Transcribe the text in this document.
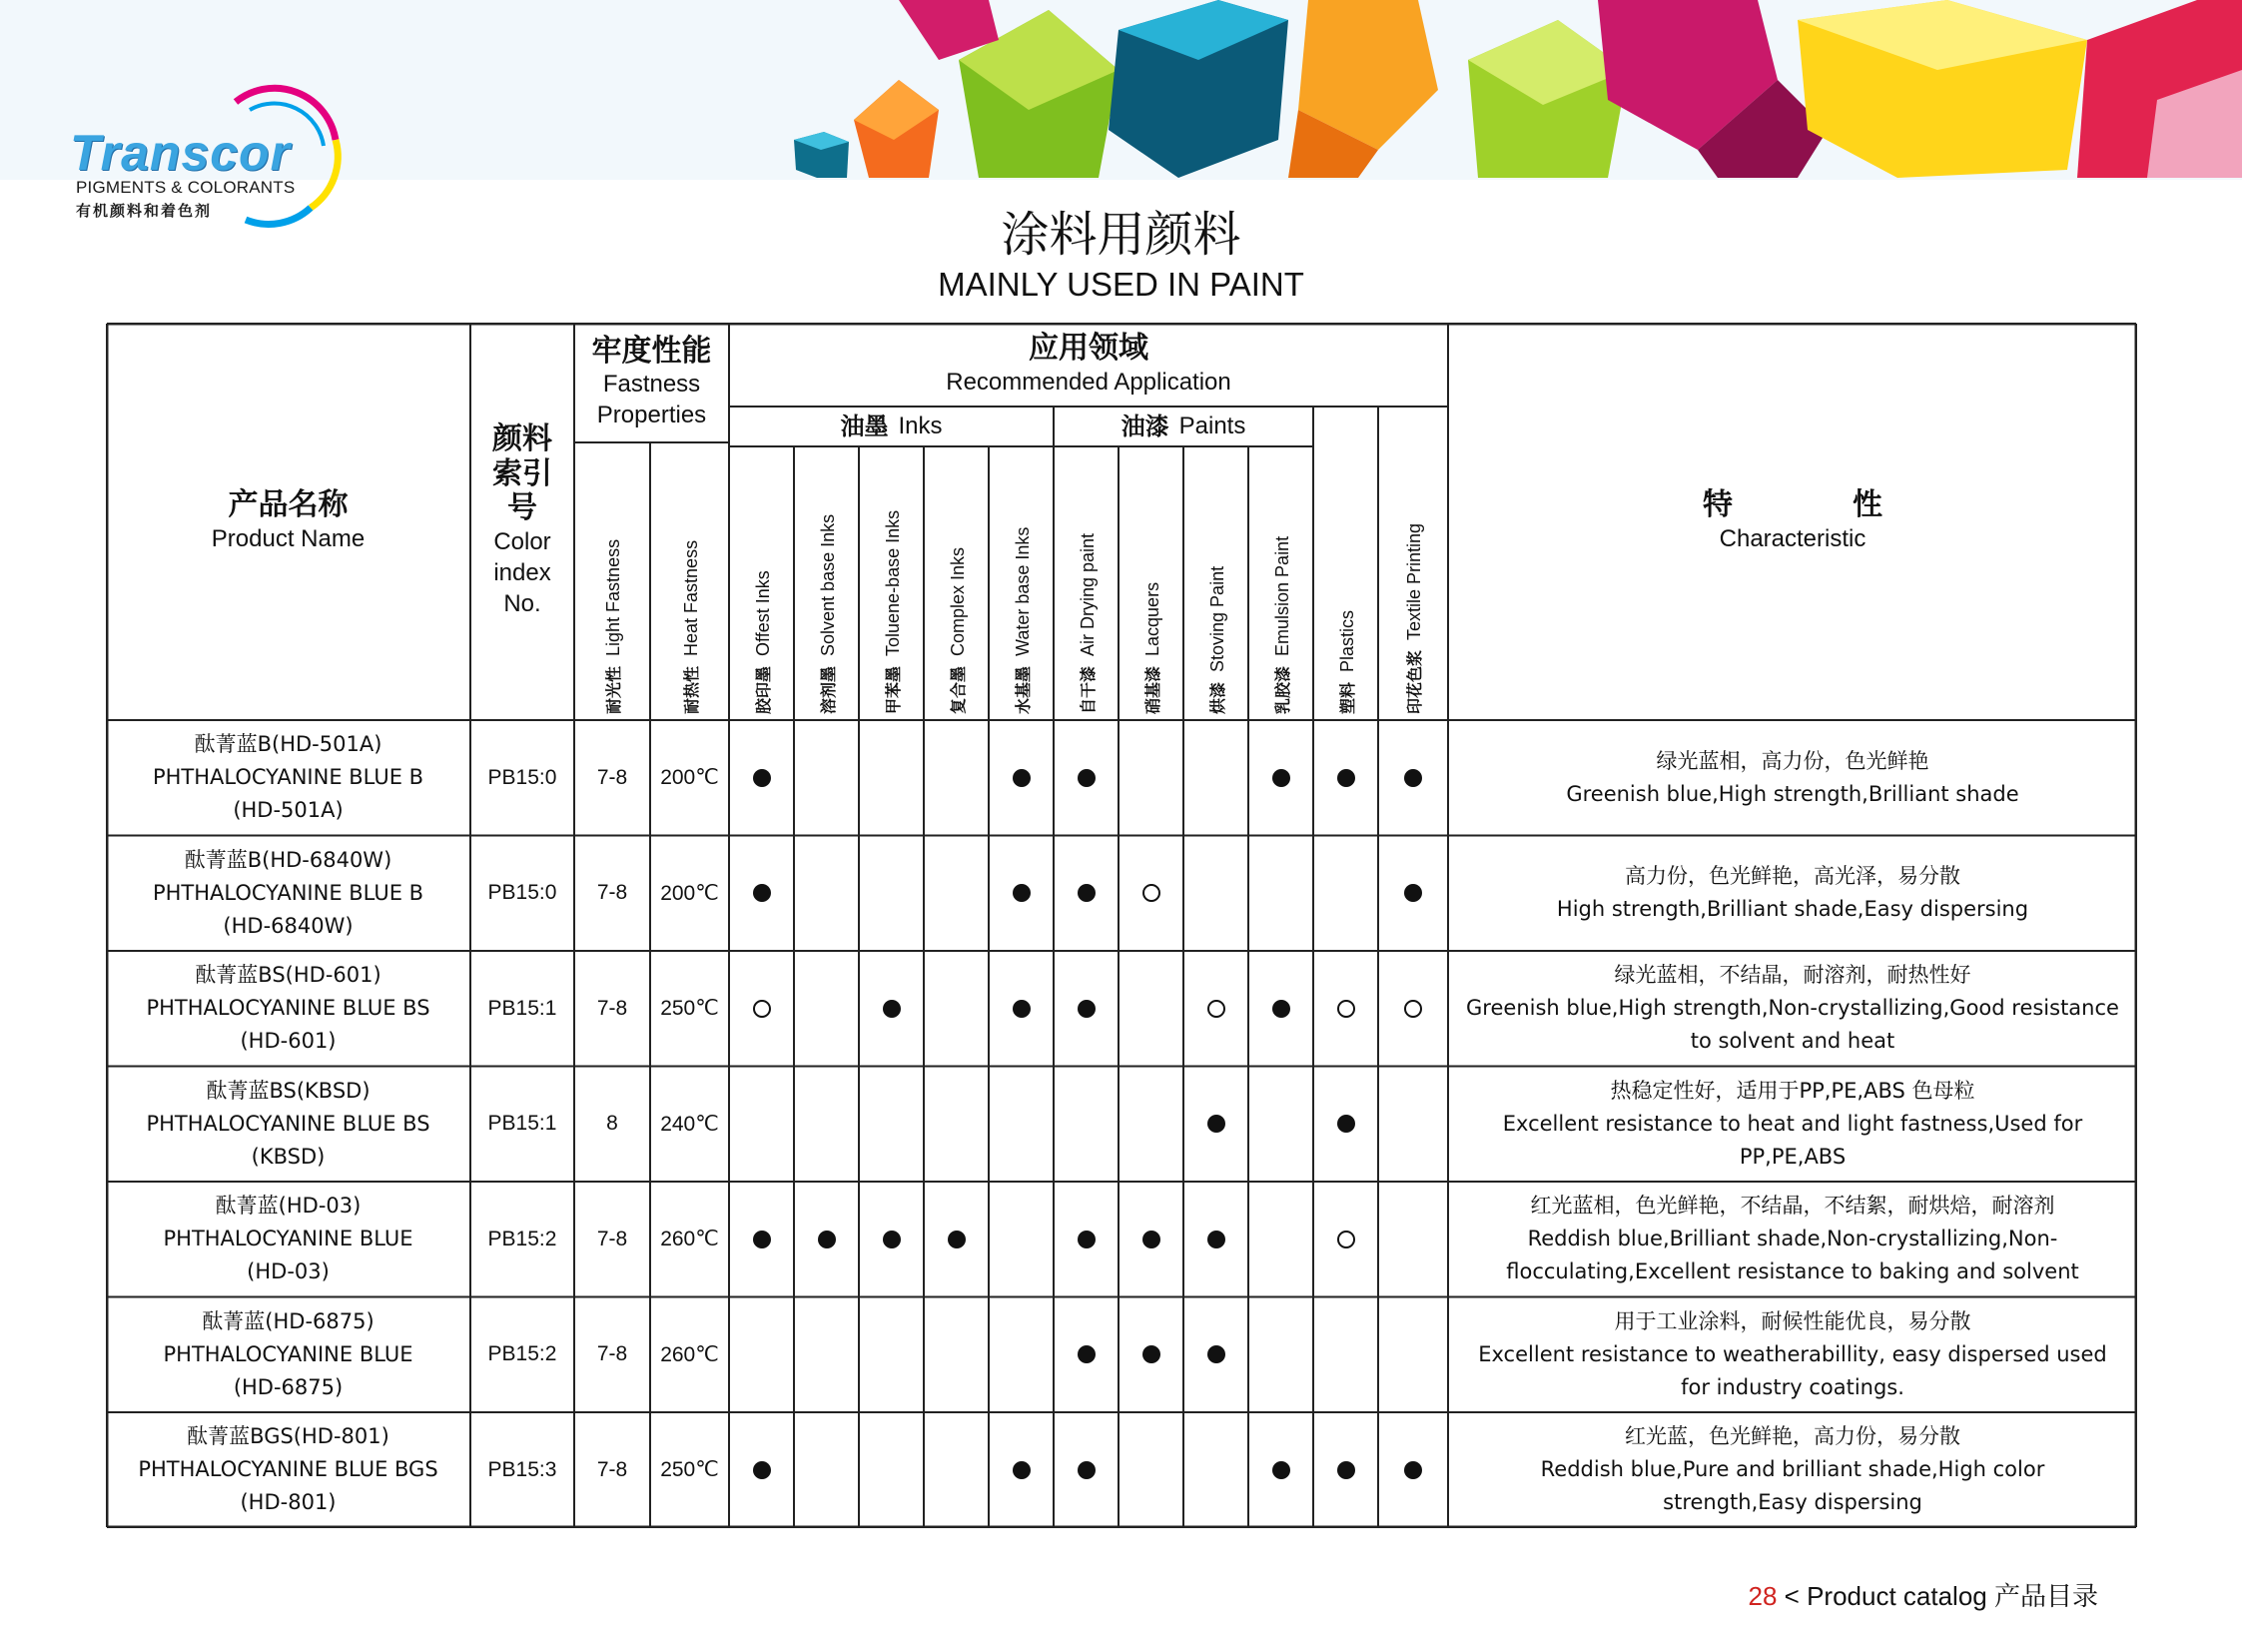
Transcor
PIGMENTS & COLORANTS
有机颜料和着色剂	涂料用颜料
MAINLY USED IN PAINT
产品名称
Product Name
颜料
索引
号
Color
index
No.
牢度性能
Fastness
Properties
应用领域
Recommended Application
油墨 Inks	油漆 Paints
特　　　　性
Characteristic
耐光性Light Fastness
耐热性Heat Fastness
胶印墨Offest Inks
溶剂墨Solvent base Inks
甲苯墨Toluene-base Inks
复合墨Complex Inks
水基墨Water base Inks
自干漆Air Drying paint
硝基漆Lacquers
烘漆Stoving Paint
乳胶漆Emulsion Paint
塑料Plastics
印花色浆Textile Printing
酞菁蓝B(HD-501A)
PHTHALOCYANINE BLUE B
(HD-501A)
PB15:0 7-8 200℃
绿光蓝相，高力份，色光鲜艳
Greenish blue,High strength,Brilliant shade
酞菁蓝B(HD-6840W)
PHTHALOCYANINE BLUE B
(HD-6840W)
PB15:0 7-8 200℃
高力份，色光鲜艳，高光泽，易分散
High strength,Brilliant shade,Easy dispersing
酞菁蓝BS(HD-601)
PHTHALOCYANINE BLUE BS
(HD-601)
PB15:1 7-8 250℃
绿光蓝相，不结晶，耐溶剂，耐热性好
Greenish blue,High strength,Non-crystallizing,Good resistance
to solvent and heat
酞菁蓝BS(KBSD)
PHTHALOCYANINE BLUE BS
(KBSD)
PB15:1 8 240℃
热稳定性好，适用于PP,PE,ABS 色母粒
Excellent resistance to heat and light fastness,Used for
PP,PE,ABS
酞菁蓝(HD-03)
PHTHALOCYANINE BLUE
(HD-03)
PB15:2 7-8 260℃
红光蓝相，色光鲜艳，不结晶，不结絮，耐烘焙，耐溶剂
Reddish blue,Brilliant shade,Non-crystallizing,Non-
flocculating,Excellent resistance to baking and solvent
酞菁蓝(HD-6875)
PHTHALOCYANINE BLUE
(HD-6875)
PB15:2 7-8 260℃
用于工业涂料，耐候性能优良，易分散
Excellent resistance to weatherabillity, easy dispersed used
for industry coatings.
酞菁蓝BGS(HD-801)
PHTHALOCYANINE BLUE BGS
(HD-801)
PB15:3 7-8 250℃
红光蓝，色光鲜艳，高力份，易分散
Reddish blue,Pure and brilliant shade,High color
strength,Easy dispersing
28 < Product catalog 产品目录
